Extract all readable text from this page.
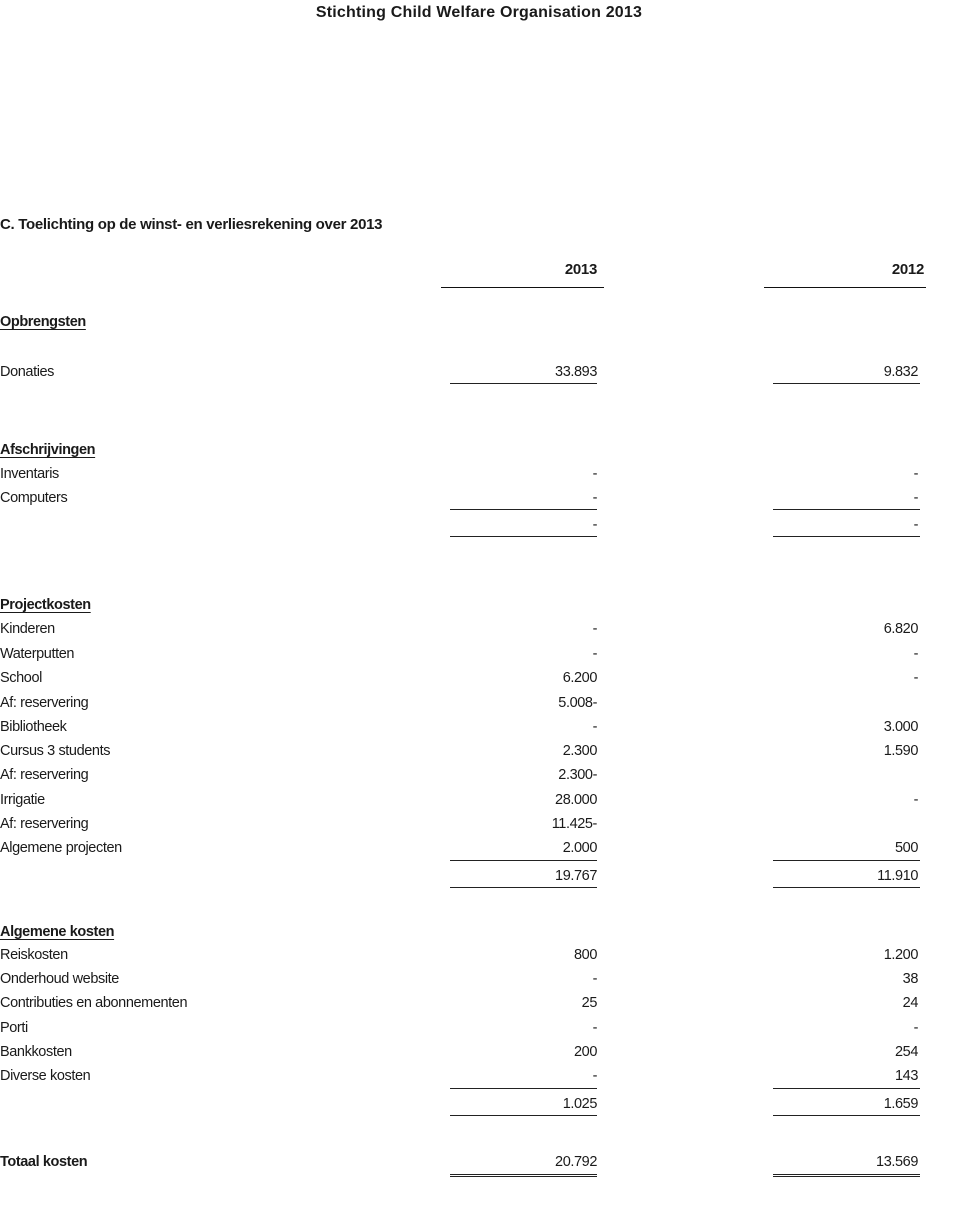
Stichting Child Welfare Organisation 2013
C. Toelichting op de winst- en verliesrekening over 2013
2013	2012
Opbrengsten
Donaties	33.893	9.832
Afschrijvingen
Inventaris	-	-
Computers	-	-
-	-
Projectkosten
Kinderen	-	6.820
Waterputten	-	-
School	6.200	-
Af: reservering	5.008-
Bibliotheek	-	3.000
Cursus 3 students	2.300	1.590
Af: reservering	2.300-
Irrigatie	28.000	-
Af: reservering	11.425-
Algemene projecten	2.000	500
19.767	11.910
Algemene kosten
Reiskosten	800	1.200
Onderhoud website	-	38
Contributies en abonnementen	25	24
Porti	-	-
Bankkosten	200	254
Diverse kosten	-	143
1.025	1.659
Totaal kosten	20.792	13.569
